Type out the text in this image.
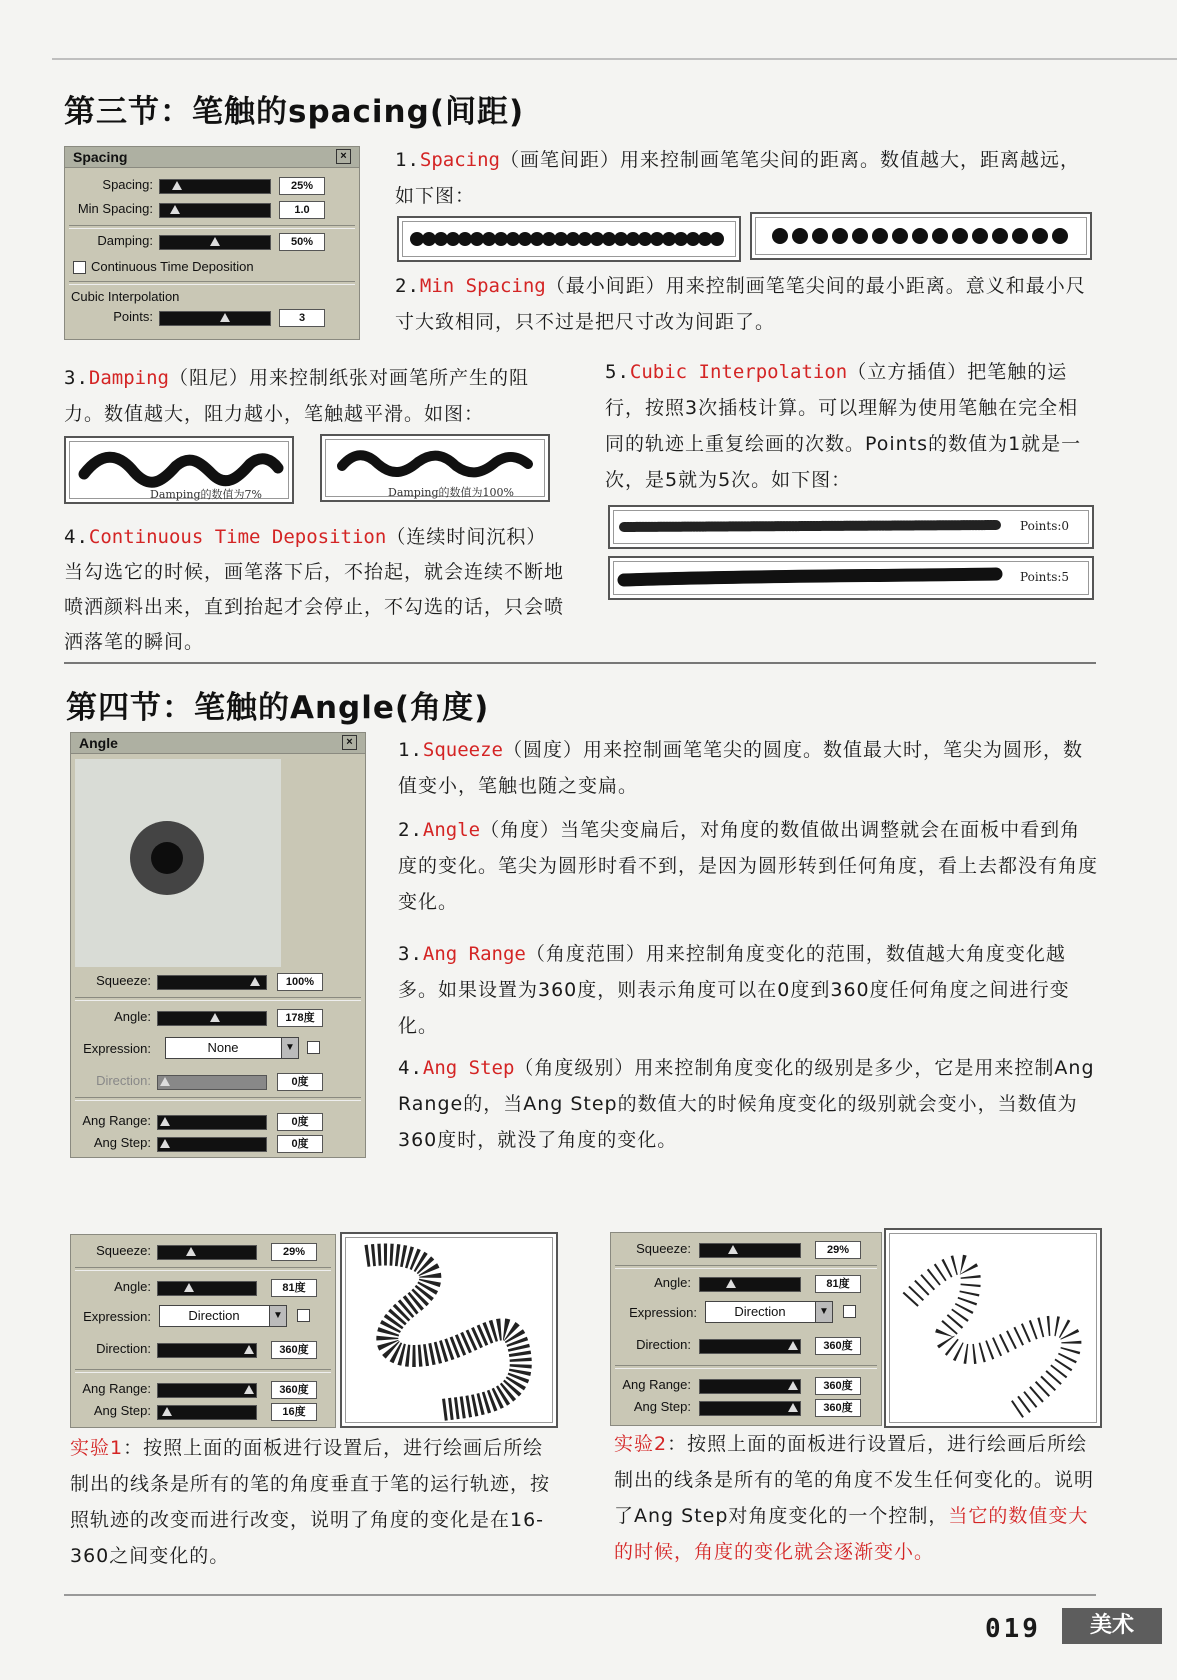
第三节：笔触的spacing(间距)
Spacing	×
Spacing:	25%
Min Spacing:	1.0
Damping:	50%
Continuous Time Deposition
Cubic Interpolation
Points:	3

1.Spacing（画笔间距）用来控制画笔笔尖间的距离。数值越大，距离越远，如下图：

2.Min Spacing（最小间距）用来控制画笔笔尖间的最小距离。意义和最小尺寸大致相同，只不过是把尺寸改为间距了。

3.Damping（阻尼）用来控制纸张对画笔所产生的阻力。数值越大，阻力越小，笔触越平滑。如图：

Damping的数值为7%	Damping的数值为100%

4.Continuous Time Deposition（连续时间沉积）当勾选它的时候，画笔落下后，不抬起，就会连续不断地喷洒颜料出来，直到抬起才会停止，不勾选的话，只会喷洒落笔的瞬间。

5.Cubic Interpolation（立方插值）把笔触的运行，按照3次插枝计算。可以理解为使用笔触在完全相同的轨迹上重复绘画的次数。Points的数值为1就是一次，是5就为5次。如下图：

Points:0
Points:5
第四节：笔触的Angle(角度)
Angle	×
Squeeze:	100%
Angle:	178度
Expression:	None	▼
Direction:	0度
Ang Range:	0度
Ang Step:	0度

1.Squeeze（圆度）用来控制画笔笔尖的圆度。数值最大时，笔尖为圆形，数值变小，笔触也随之变扁。

2.Angle（角度）当笔尖变扁后，对角度的数值做出调整就会在面板中看到角度的变化。笔尖为圆形时看不到，是因为圆形转到任何角度，看上去都没有角度变化。

3.Ang Range（角度范围）用来控制角度变化的范围，数值越大角度变化越多。如果设置为360度，则表示角度可以在0度到360度任何角度之间进行变化。

4.Ang Step（角度级别）用来控制角度变化的级别是多少，它是用来控制Ang Range的，当Ang Step的数值大的时候角度变化的级别就会变小，当数值为360度时，就没了角度的变化。

Squeeze:	29%
Angle:	81度
Expression:	Direction	▼
Direction:	360度
Ang Range:	360度
Ang Step:	16度

实验1：按照上面的面板进行设置后，进行绘画后所绘制出的线条是所有的笔的角度垂直于笔的运行轨迹，按照轨迹的改变而进行改变，说明了角度的变化是在16-360之间变化的。

Squeeze:	29%
Angle:	81度
Expression:	Direction	▼
Direction:	360度
Ang Range:	360度
Ang Step:	360度

实验2：按照上面的面板进行设置后，进行绘画后所绘制出的线条是所有的笔的角度不发生任何变化的。说明了Ang Step对角度变化的一个控制，当它的数值变大的时候，角度的变化就会逐渐变小。

019	美术
